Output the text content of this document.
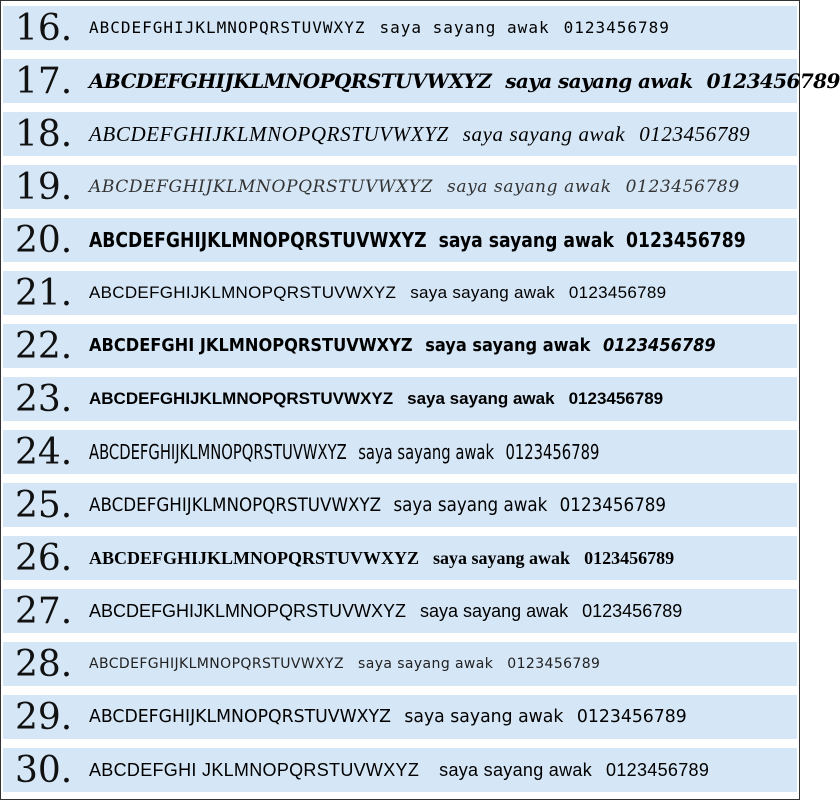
16. ABCDEFGHIJKLMNOPQRSTUVWXYZ saya sayang awak 0123456789
17. ABCDEFGHIJKLMNOPQRSTUVWXYZ saya sayang awak 0123456789
18. ABCDEFGHIJKLMNOPQRSTUVWXYZ saya sayang awak 0123456789
19. ABCDEFGHIJKLMNOPQRSTUVWXYZ saya sayang awak 0123456789
20. ABCDEFGHIJKLMNOPQRSTUVWXYZ saya sayang awak 0123456789
21. ABCDEFGHIJKLMNOPQRSTUVWXYZ saya sayang awak 0123456789
22. ABCDEFGHI JKLMNOPQRSTUVWXYZ saya sayang awak 0123456789
23. ABCDEFGHIJKLMNOPQRSTUVWXYZ saya sayang awak 0123456789
24. ABCDEFGHIJKLMNOPQRSTUVWXYZ saya sayang awak 0123456789
25. ABCDEFGHIJKLMNOPQRSTUVWXYZ saya sayang awak 0123456789
26. ABCDEFGHIJKLMNOPQRSTUVWXYZ saya sayang awak 0123456789
27. ABCDEFGHIJKLMNOPQRSTUVWXYZ saya sayang awak 0123456789
28. ABCDEFGHIJKLMNOPQRSTUVWXYZ saya sayang awak 0123456789
29. ABCDEFGHIJKLMNOPQRSTUVWXYZ saya sayang awak 0123456789
30. ABCDEFGHI JKLMNOPQRSTUVWXYZ saya sayang awak 0123456789
